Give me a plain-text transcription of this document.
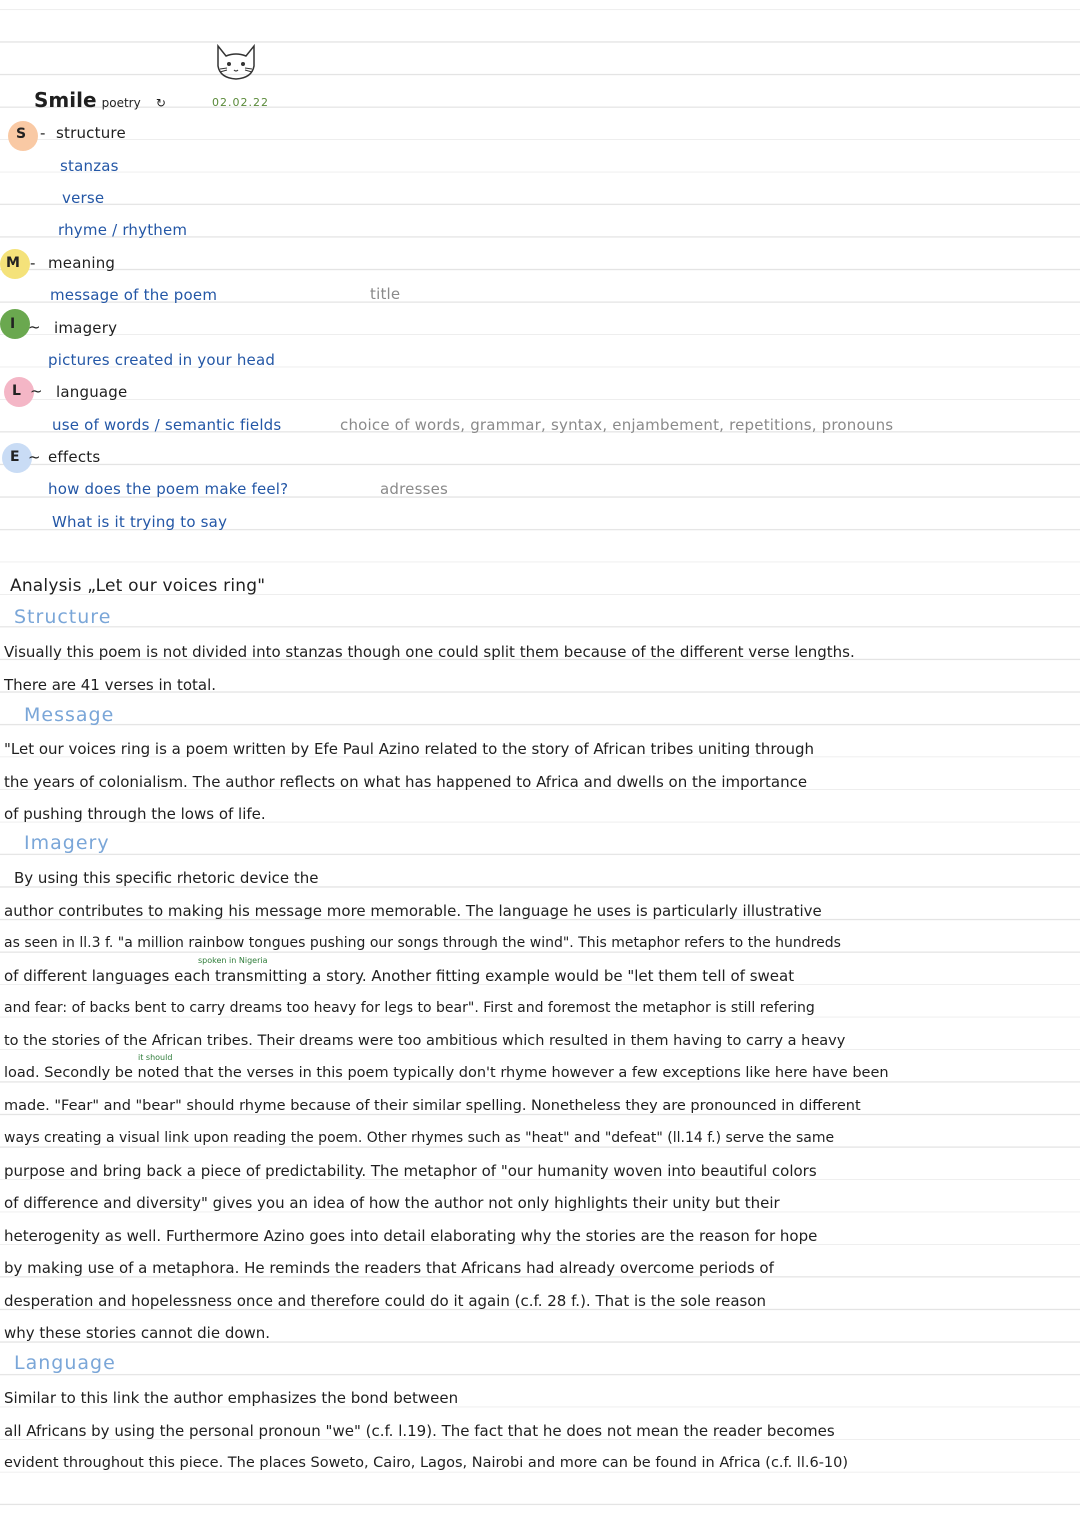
Smile poetry ↻	02.02.22
S - structure
stanzas
verse
rhyme / rhythem
M - meaning
message of the poem
I ~ imagery
pictures created in your head
L ~ language
use of words / semantic fields
E ~ effects
how does the poem make feel?
What is it trying to say
title
choice of words, grammar, syntax, enjambement, repetitions, pronouns
adresses
Analysis „Let our voices ring"
Structure
Visually this poem is not divided into stanzas though one could split them because of the different verse lengths.
There are 41 verses in total.
Message
"Let our voices ring is a poem written by Efe Paul Azino related to the story of African tribes uniting through
the years of colonialism. The author reflects on what has happened to Africa and dwells on the importance
of pushing through the lows of life.
Imagery
By using this specific rhetoric device the
author contributes to making his message more memorable. The language he uses is particularly illustrative
as seen in ll.3 f. "a million rainbow tongues pushing our songs through the wind". This metaphor refers to the hundreds
of different languages each transmitting a story. Another fitting example would be "let them tell of sweat
and fear: of backs bent to carry dreams too heavy for legs to bear". First and foremost the metaphor is still refering
to the stories of the African tribes. Their dreams were too ambitious which resulted in them having to carry a heavy
load. Secondly be noted that the verses in this poem typically don't rhyme however a few exceptions like here have been
made. "Fear" and "bear" should rhyme because of their similar spelling. Nonetheless they are pronounced in different
ways creating a visual link upon reading the poem. Other rhymes such as "heat" and "defeat" (ll.14 f.) serve the same
purpose and bring back a piece of predictability. The metaphor of "our humanity woven into beautiful colors
of difference and diversity" gives you an idea of how the author not only highlights their unity but their
heterogenity as well. Furthermore Azino goes into detail elaborating why the stories are the reason for hope
by making use of a metaphora. He reminds the readers that Africans had already overcome periods of
desperation and hopelessness once and therefore could do it again (c.f. 28 f.). That is the sole reason
why these stories cannot die down.
spoken in Nigeria
it should
Language
Similar to this link the author emphasizes the bond between
all Africans by using the personal pronoun "we" (c.f. l.19). The fact that he does not mean the reader becomes
evident throughout this piece. The places Soweto, Cairo, Lagos, Nairobi and more can be found in Africa (c.f. ll.6-10)
